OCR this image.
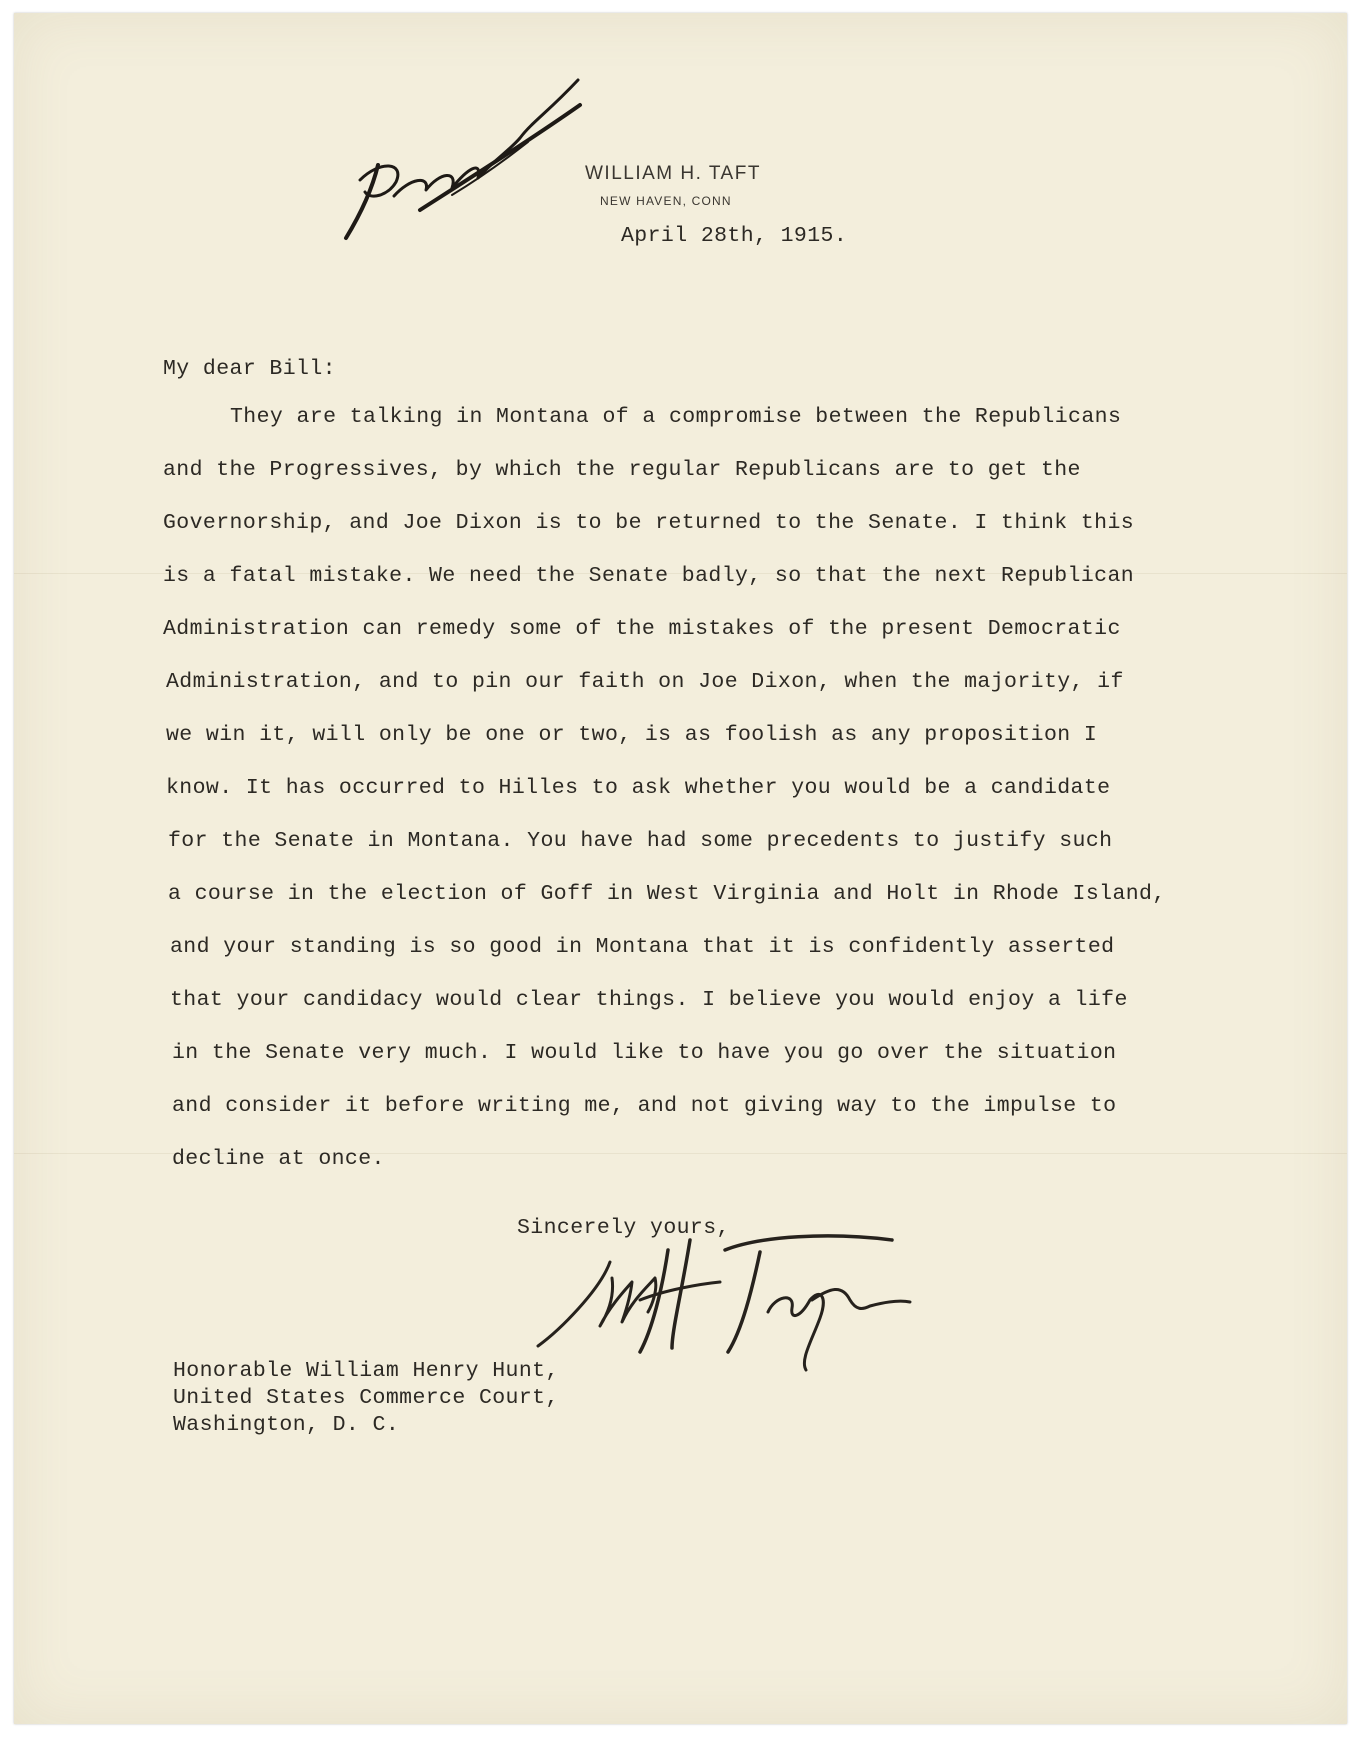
WILLIAM H. TAFT
NEW HAVEN, CONN
April 28th, 1915.
My dear Bill:
They are talking in Montana of a compromise between the Republicans
and the Progressives, by which the regular Republicans are to get the
Governorship, and Joe Dixon is to be returned to the Senate. I think this
is a fatal mistake. We need the Senate badly, so that the next Republican
Administration can remedy some of the mistakes of the present Democratic
Administration, and to pin our faith on Joe Dixon, when the majority, if
we win it, will only be one or two, is as foolish as any proposition I
know. It has occurred to Hilles to ask whether you would be a candidate
for the Senate in Montana. You have had some precedents to justify such
a course in the election of Goff in West Virginia and Holt in Rhode Island,
and your standing is so good in Montana that it is confidently asserted
that your candidacy would clear things. I believe you would enjoy a life
in the Senate very much. I would like to have you go over the situation
and consider it before writing me, and not giving way to the impulse to
decline at once.
Sincerely yours,
Honorable William Henry Hunt,
United States Commerce Court,
Washington, D. C.
